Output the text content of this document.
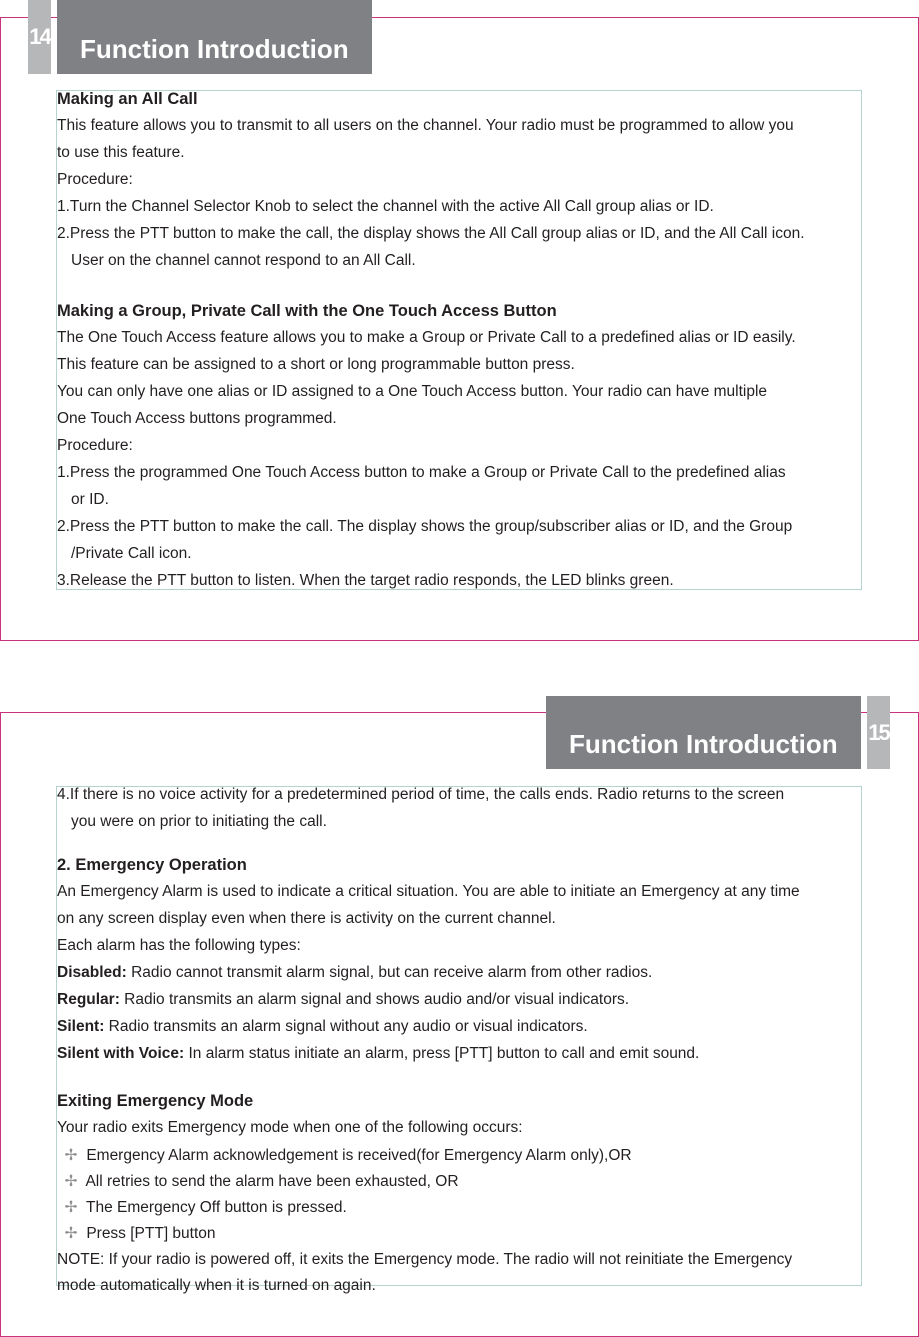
14	Function Introduction
Making an All Call
This feature allows you to transmit to all users on the channel. Your radio must be programmed to allow you
to use this feature.
Procedure:
1.Turn the Channel Selector Knob to select the channel with the active All Call group alias or ID.
2.Press the PTT button to make the call, the display shows the All Call group alias or ID, and the All Call icon.
User on the channel cannot respond to an All Call.
Making a Group, Private Call with the One Touch Access Button
The One Touch Access feature allows you to make a Group or Private Call to a predefined alias or ID easily.
This feature can be assigned to a short or long programmable button press.
You can only have one alias or ID assigned to a One Touch Access button. Your radio can have multiple
One Touch Access buttons programmed.
Procedure:
1.Press the programmed One Touch Access button to make a Group or Private Call to the predefined alias
or ID.
2.Press the PTT button to make the call. The display shows the group/subscriber alias or ID, and the Group
/Private Call icon.
3.Release the PTT button to listen. When the target radio responds, the LED blinks green.
Function Introduction	15
4.If there is no voice activity for a predetermined period of time, the calls ends. Radio returns to the screen
you were on prior to initiating the call.
2. Emergency Operation
An Emergency Alarm is used to indicate a critical situation. You are able to initiate an Emergency at any time
on any screen display even when there is activity on the current channel.
Each alarm has the following types:
Disabled: Radio cannot transmit alarm signal, but can receive alarm from other radios.
Regular: Radio transmits an alarm signal and shows audio and/or visual indicators.
Silent: Radio transmits an alarm signal without any audio or visual indicators.
Silent with Voice: In alarm status initiate an alarm, press [PTT] button to call and emit sound.
Exiting Emergency Mode
Your radio exits Emergency mode when one of the following occurs:
✢ Emergency Alarm acknowledgement is received(for Emergency Alarm only),OR
✢ All retries to send the alarm have been exhausted, OR
✢ The Emergency Off button is pressed.
✢ Press [PTT] button
NOTE: If your radio is powered off, it exits the Emergency mode. The radio will not reinitiate the Emergency
mode automatically when it is turned on again.
